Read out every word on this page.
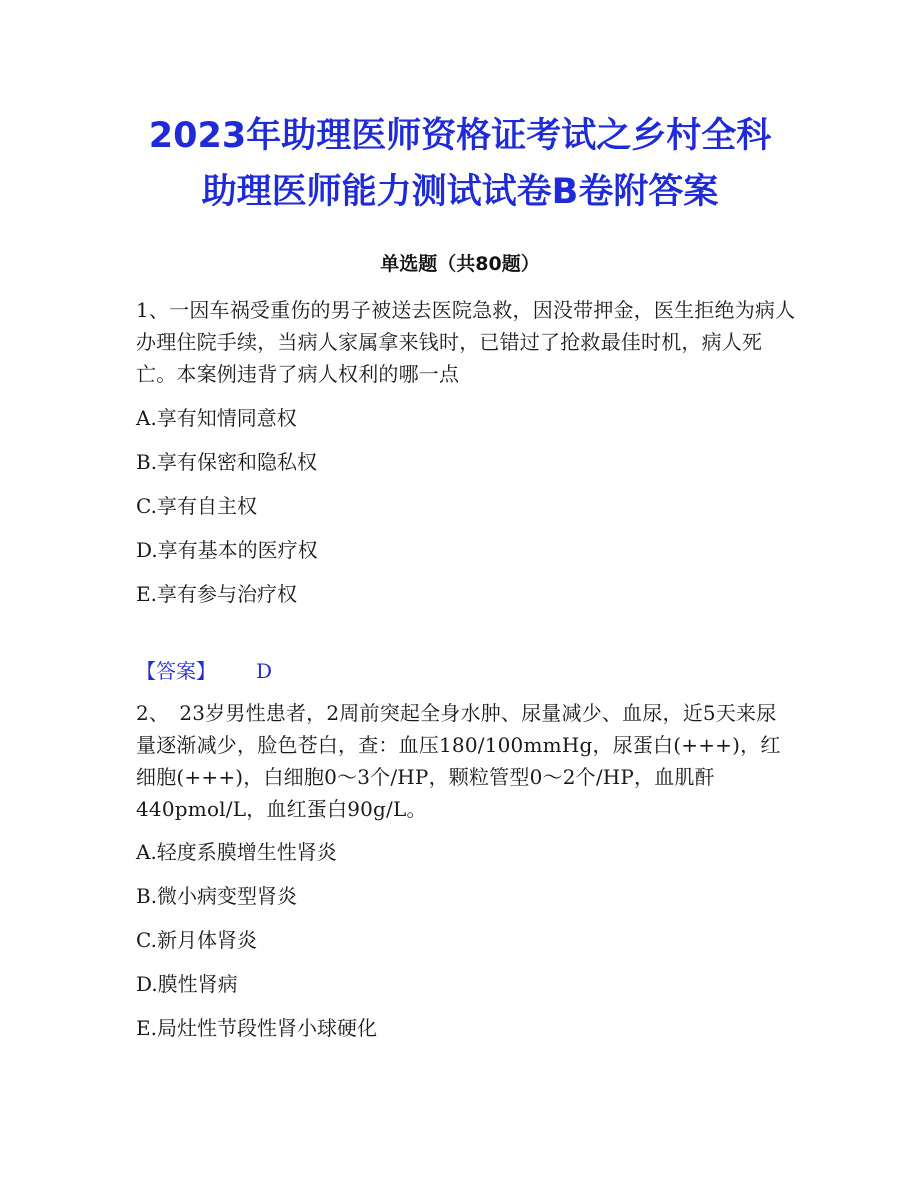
2023年助理医师资格证考试之乡村全科
助理医师能力测试试卷B卷附答案
单选题（共80题）
1、一因车祸受重伤的男子被送去医院急救，因没带押金，医生拒绝为病人办理住院手续，当病人家属拿来钱时，已错过了抢救最佳时机，病人死亡。本案例违背了病人权利的哪一点
A.享有知情同意权
B.享有保密和隐私权
C.享有自主权
D.享有基本的医疗权
E.享有参与治疗权
【答案】 D
2、　23岁男性患者，2周前突起全身水肿、尿量减少、血尿，近5天来尿量逐渐减少，脸色苍白，查：血压180/100mmHg，尿蛋白(+++)，红细胞(+++)，白细胞0～3个/HP，颗粒管型0～2个/HP，血肌酐440pmol/L，血红蛋白90g/L。
A.轻度系膜增生性肾炎
B.微小病变型肾炎
C.新月体肾炎
D.膜性肾病
E.局灶性节段性肾小球硬化
